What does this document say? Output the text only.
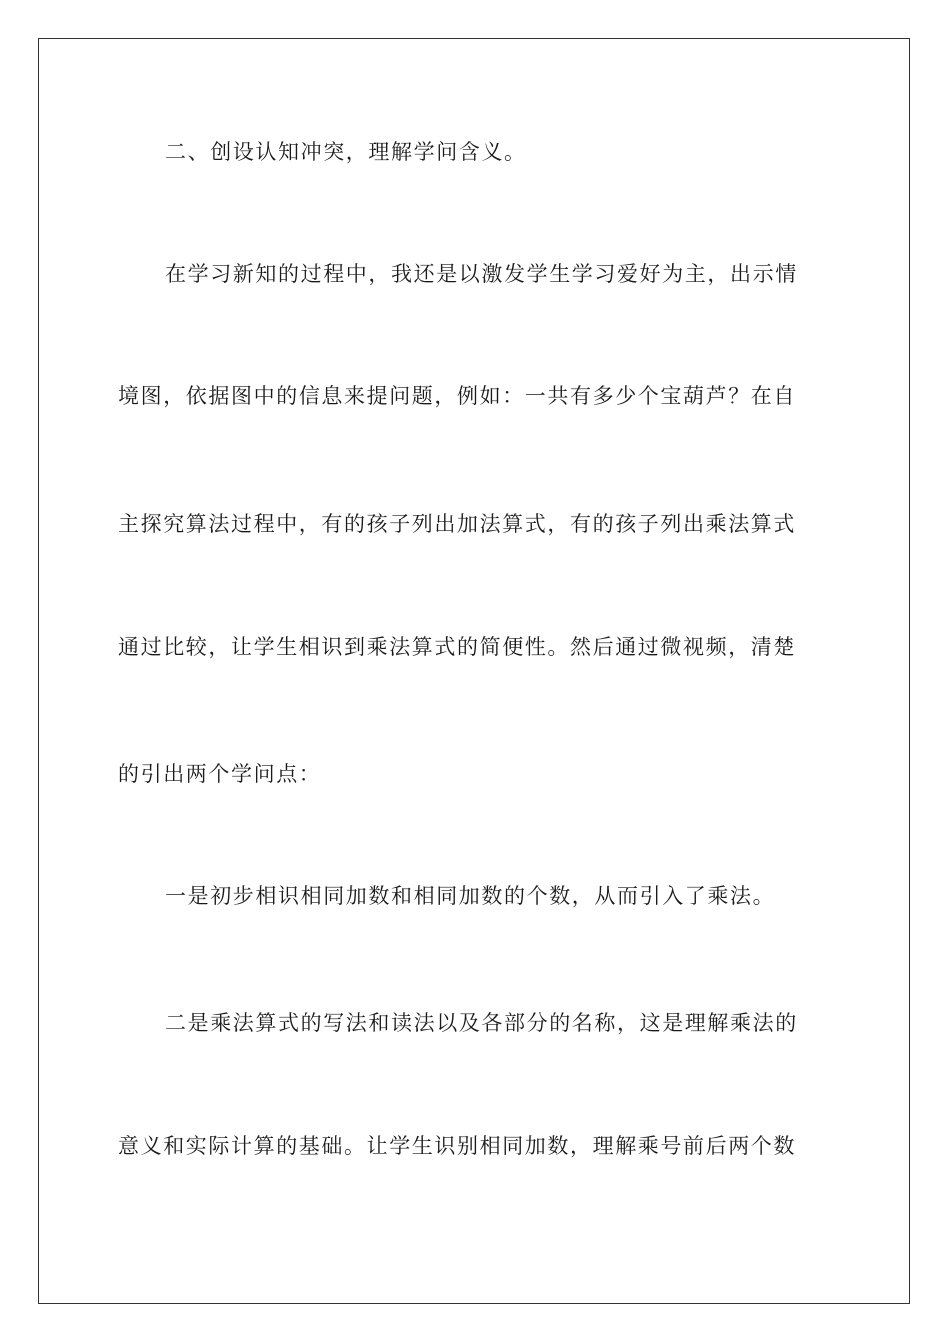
二、创设认知冲突，理解学问含义。
在学习新知的过程中，我还是以激发学生学习爱好为主，出示情
境图，依据图中的信息来提问题，例如：一共有多少个宝葫芦？在自
主探究算法过程中，有的孩子列出加法算式，有的孩子列出乘法算式
通过比较，让学生相识到乘法算式的简便性。然后通过微视频，清楚
的引出两个学问点：
一是初步相识相同加数和相同加数的个数，从而引入了乘法。
二是乘法算式的写法和读法以及各部分的名称，这是理解乘法的
意义和实际计算的基础。让学生识别相同加数，理解乘号前后两个数
